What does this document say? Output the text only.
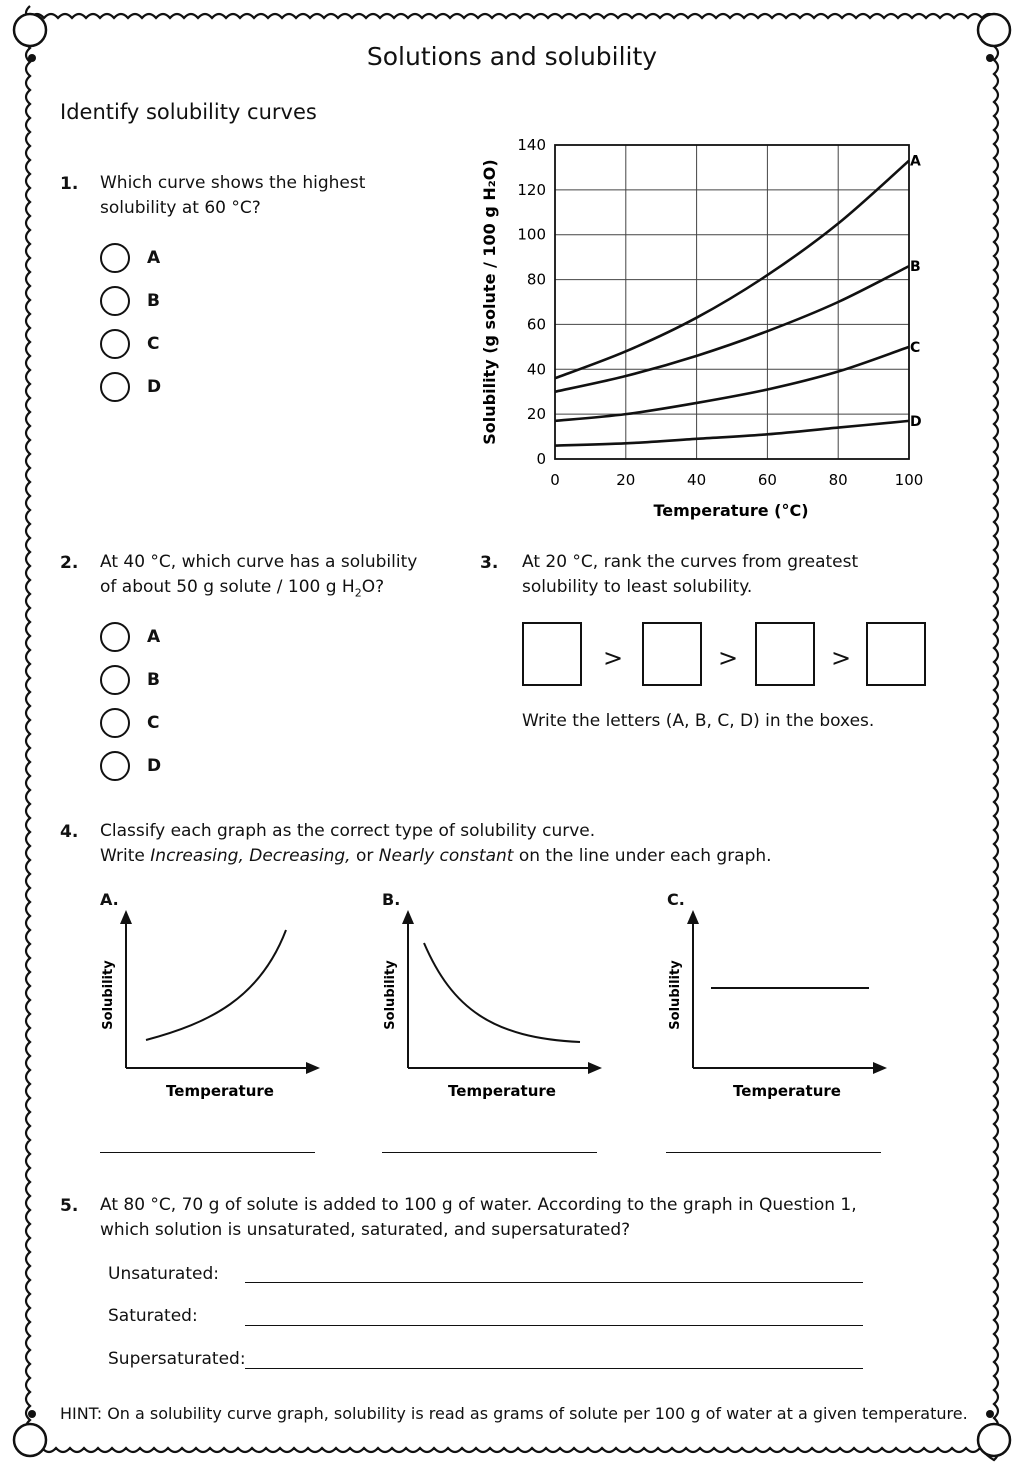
Solutions and solubility
Identify solubility curves
1. Which curve shows the highest
solubility at 60 °C?
A
B
C
D
A
B
C
D
0	20	40	60	80	100
0
20
40
60
80
100
120
140
Temperature (°C)
Solubility (g solute / 100 g H₂O)
2. At 40 °C, which curve has a solubility
of about 50 g solute / 100 g $H_2O$?
A
B
C
D
3. At 20 °C, rank the curves from greatest
solubility to least solubility.
>	>	>
Write the letters (A, B, C, D) in the boxes.
4. Classify each graph as the correct type of solubility curve.
Write Increasing, Decreasing, or Nearly constant on the line under each graph.
A.
Solubility
Temperature
B.
Solubility
Temperature
C.
Solubility
Temperature
5. At 80 °C, 70 g of solute is added to 100 g of water. According to the graph in Question 1,
which solution is unsaturated, saturated, and supersaturated?
Unsaturated:
Saturated:
Supersaturated:
HINT: On a solubility curve graph, solubility is read as grams of solute per 100 g of water at a given temperature.
